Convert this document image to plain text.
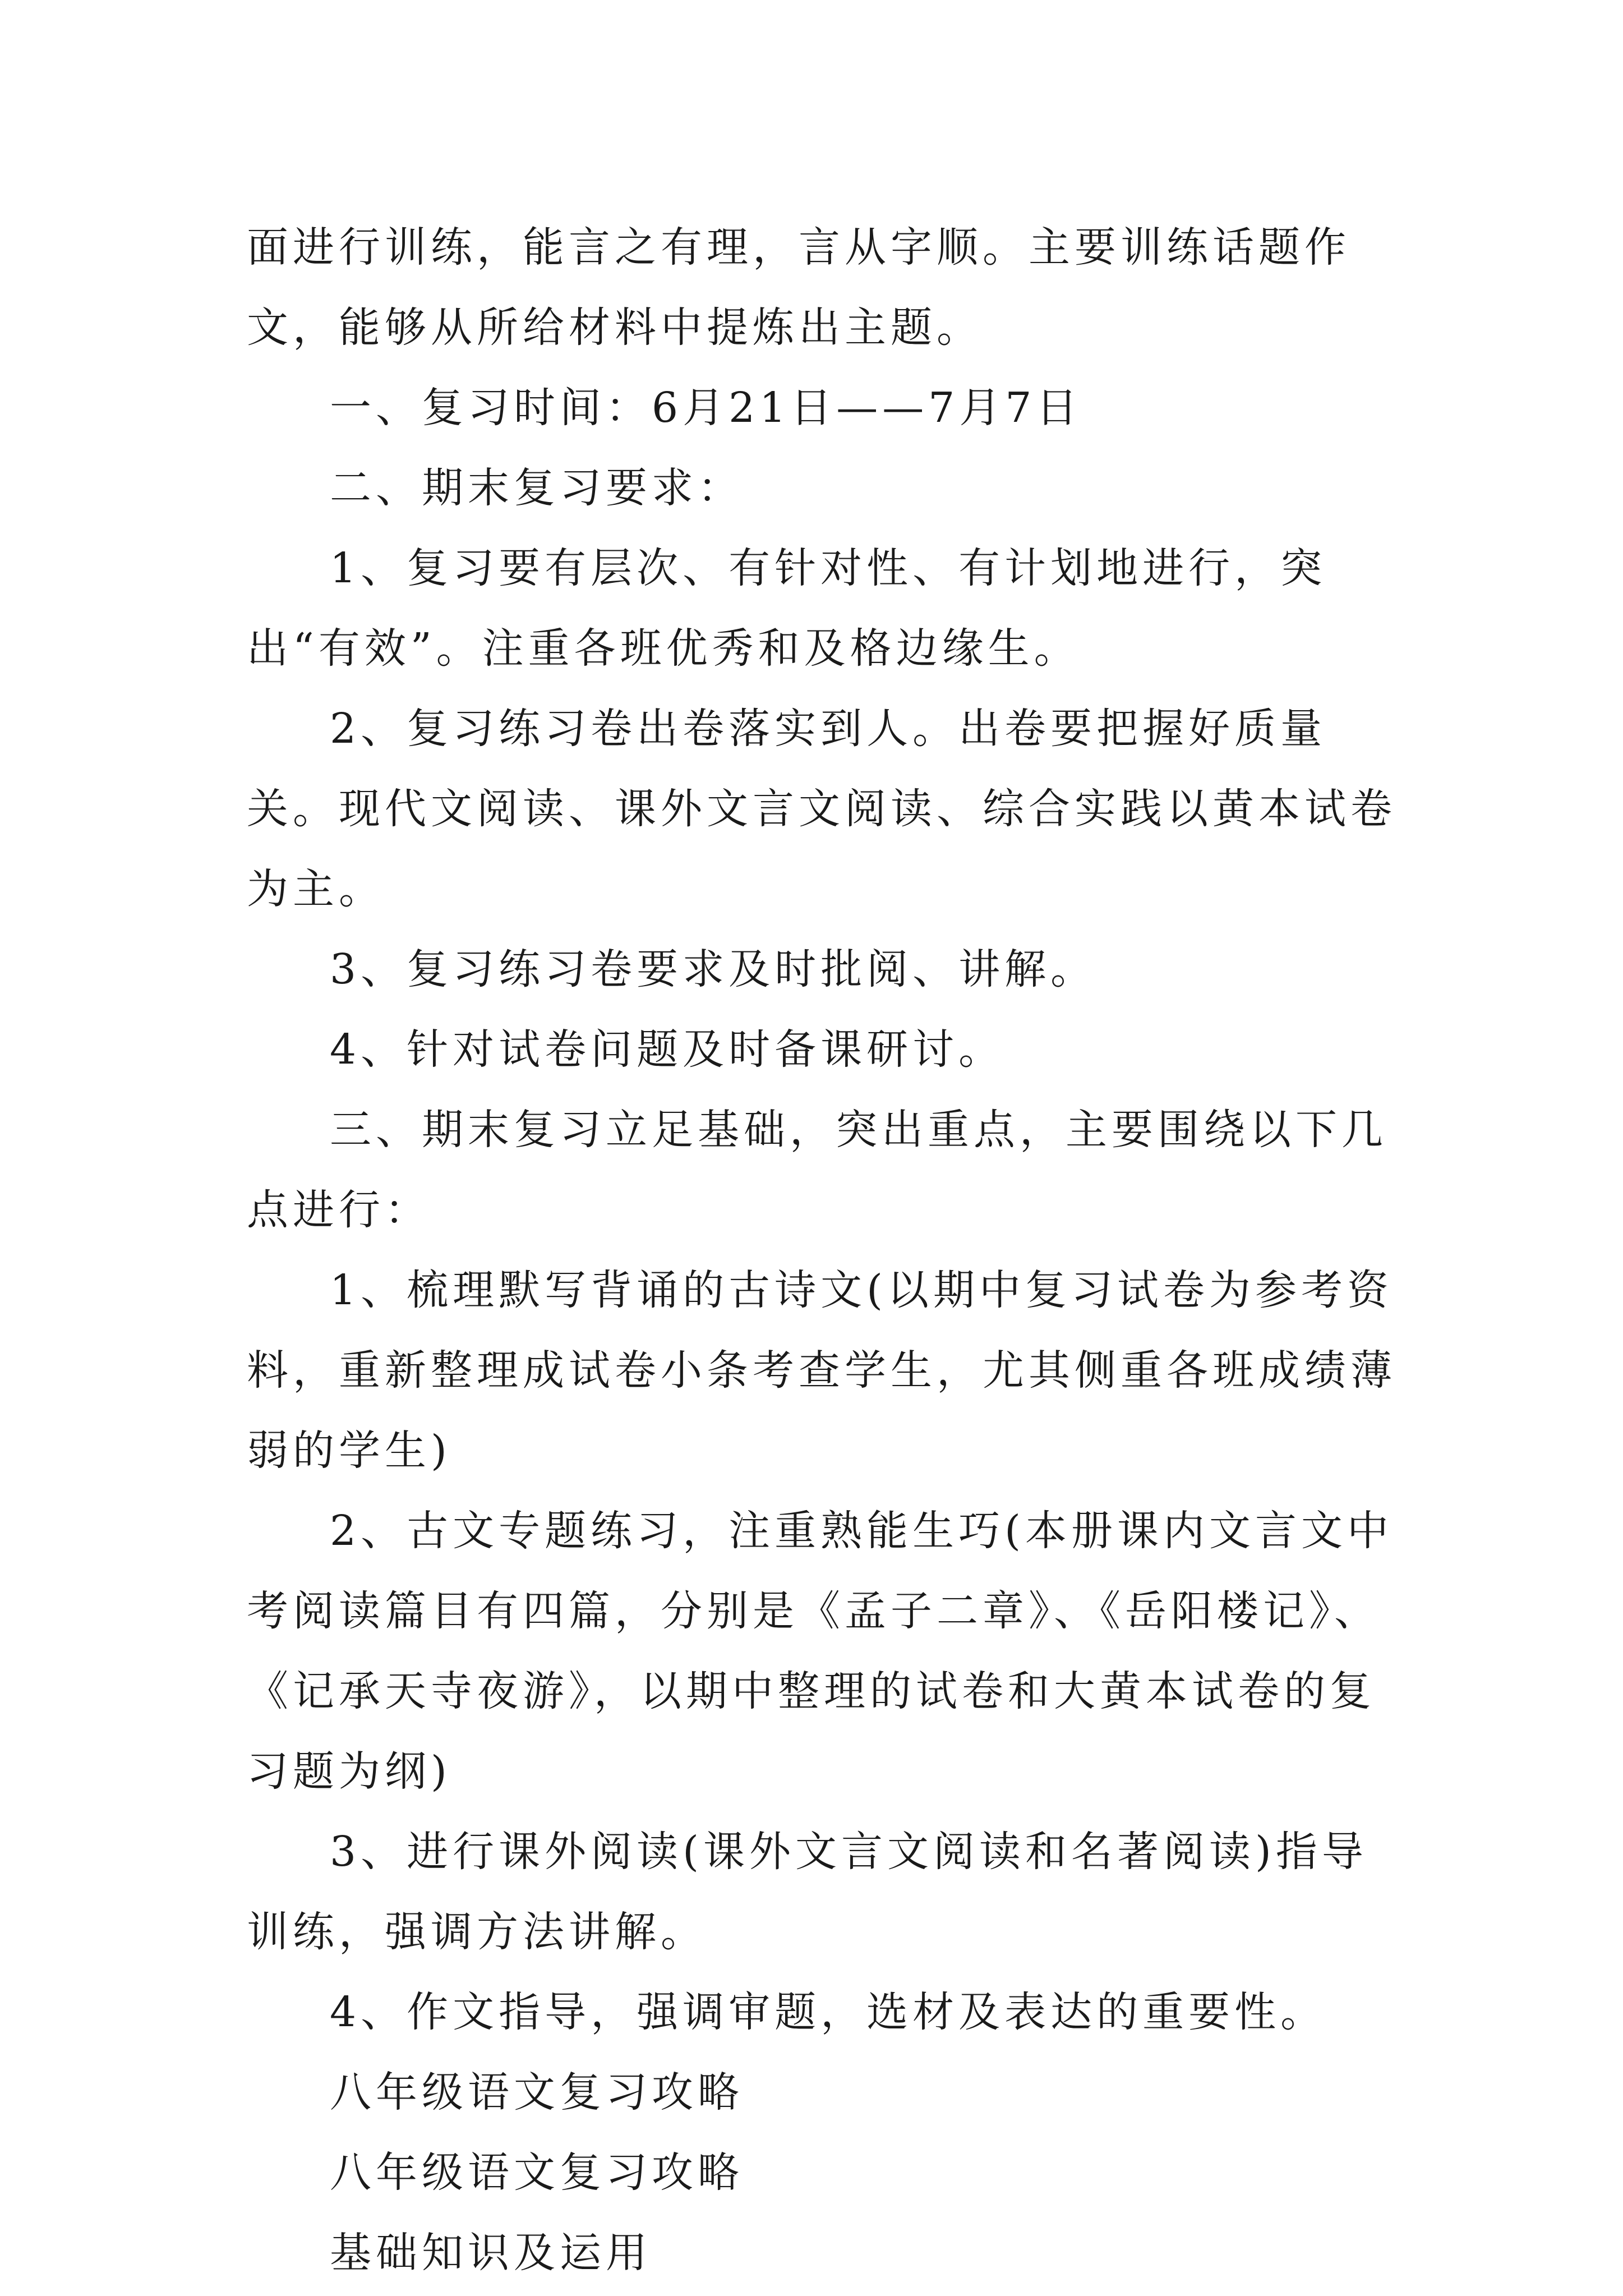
面进行训练，能言之有理，言从字顺。主要训练话题作文，能够从所给材料中提炼出主题。

一、复习时间：6月21日——7月7日

二、期末复习要求：

1、复习要有层次、有针对性、有计划地进行，突出“有效”。注重各班优秀和及格边缘生。

2、复习练习卷出卷落实到人。出卷要把握好质量关。现代文阅读、课外文言文阅读、综合实践以黄本试卷为主。

3、复习练习卷要求及时批阅、讲解。

4、针对试卷问题及时备课研讨。

三、期末复习立足基础，突出重点，主要围绕以下几点进行：

1、梳理默写背诵的古诗文(以期中复习试卷为参考资料，重新整理成试卷小条考查学生，尤其侧重各班成绩薄弱的学生)

2、古文专题练习，注重熟能生巧(本册课内文言文中考阅读篇目有四篇，分别是《孟子二章》、《岳阳楼记》、《记承天寺夜游》，以期中整理的试卷和大黄本试卷的复习题为纲)

3、进行课外阅读(课外文言文阅读和名著阅读)指导训练，强调方法讲解。

4、作文指导，强调审题，选材及表达的重要性。

八年级语文复习攻略

八年级语文复习攻略

基础知识及运用
